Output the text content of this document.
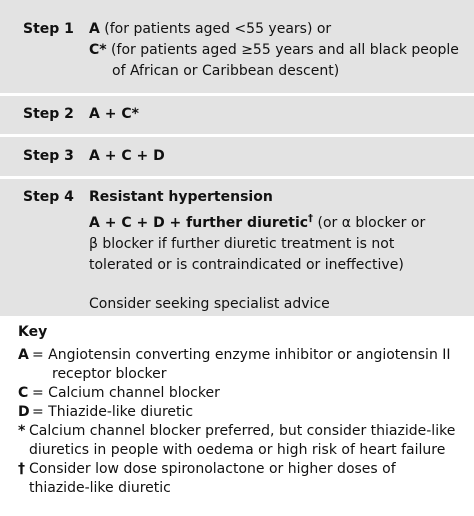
Step 1 A (for patients aged <55 years) or
C* (for patients aged ≥55 years and all black people
of African or Caribbean descent)
Step 2 A + C*
Step 3 A + C + D
Step 4 Resistant hypertension
A + C + D + further diuretic† (or α blocker or
β blocker if further diuretic treatment is not
tolerated or is contraindicated or ineffective)
Consider seeking specialist advice
Key
A = Angiotensin converting enzyme inhibitor or angiotensin II
receptor blocker
C = Calcium channel blocker
D = Thiazide-like diuretic
* Calcium channel blocker preferred, but consider thiazide-like
diuretics in people with oedema or high risk of heart failure
† Consider low dose spironolactone or higher doses of
thiazide-like diuretic
